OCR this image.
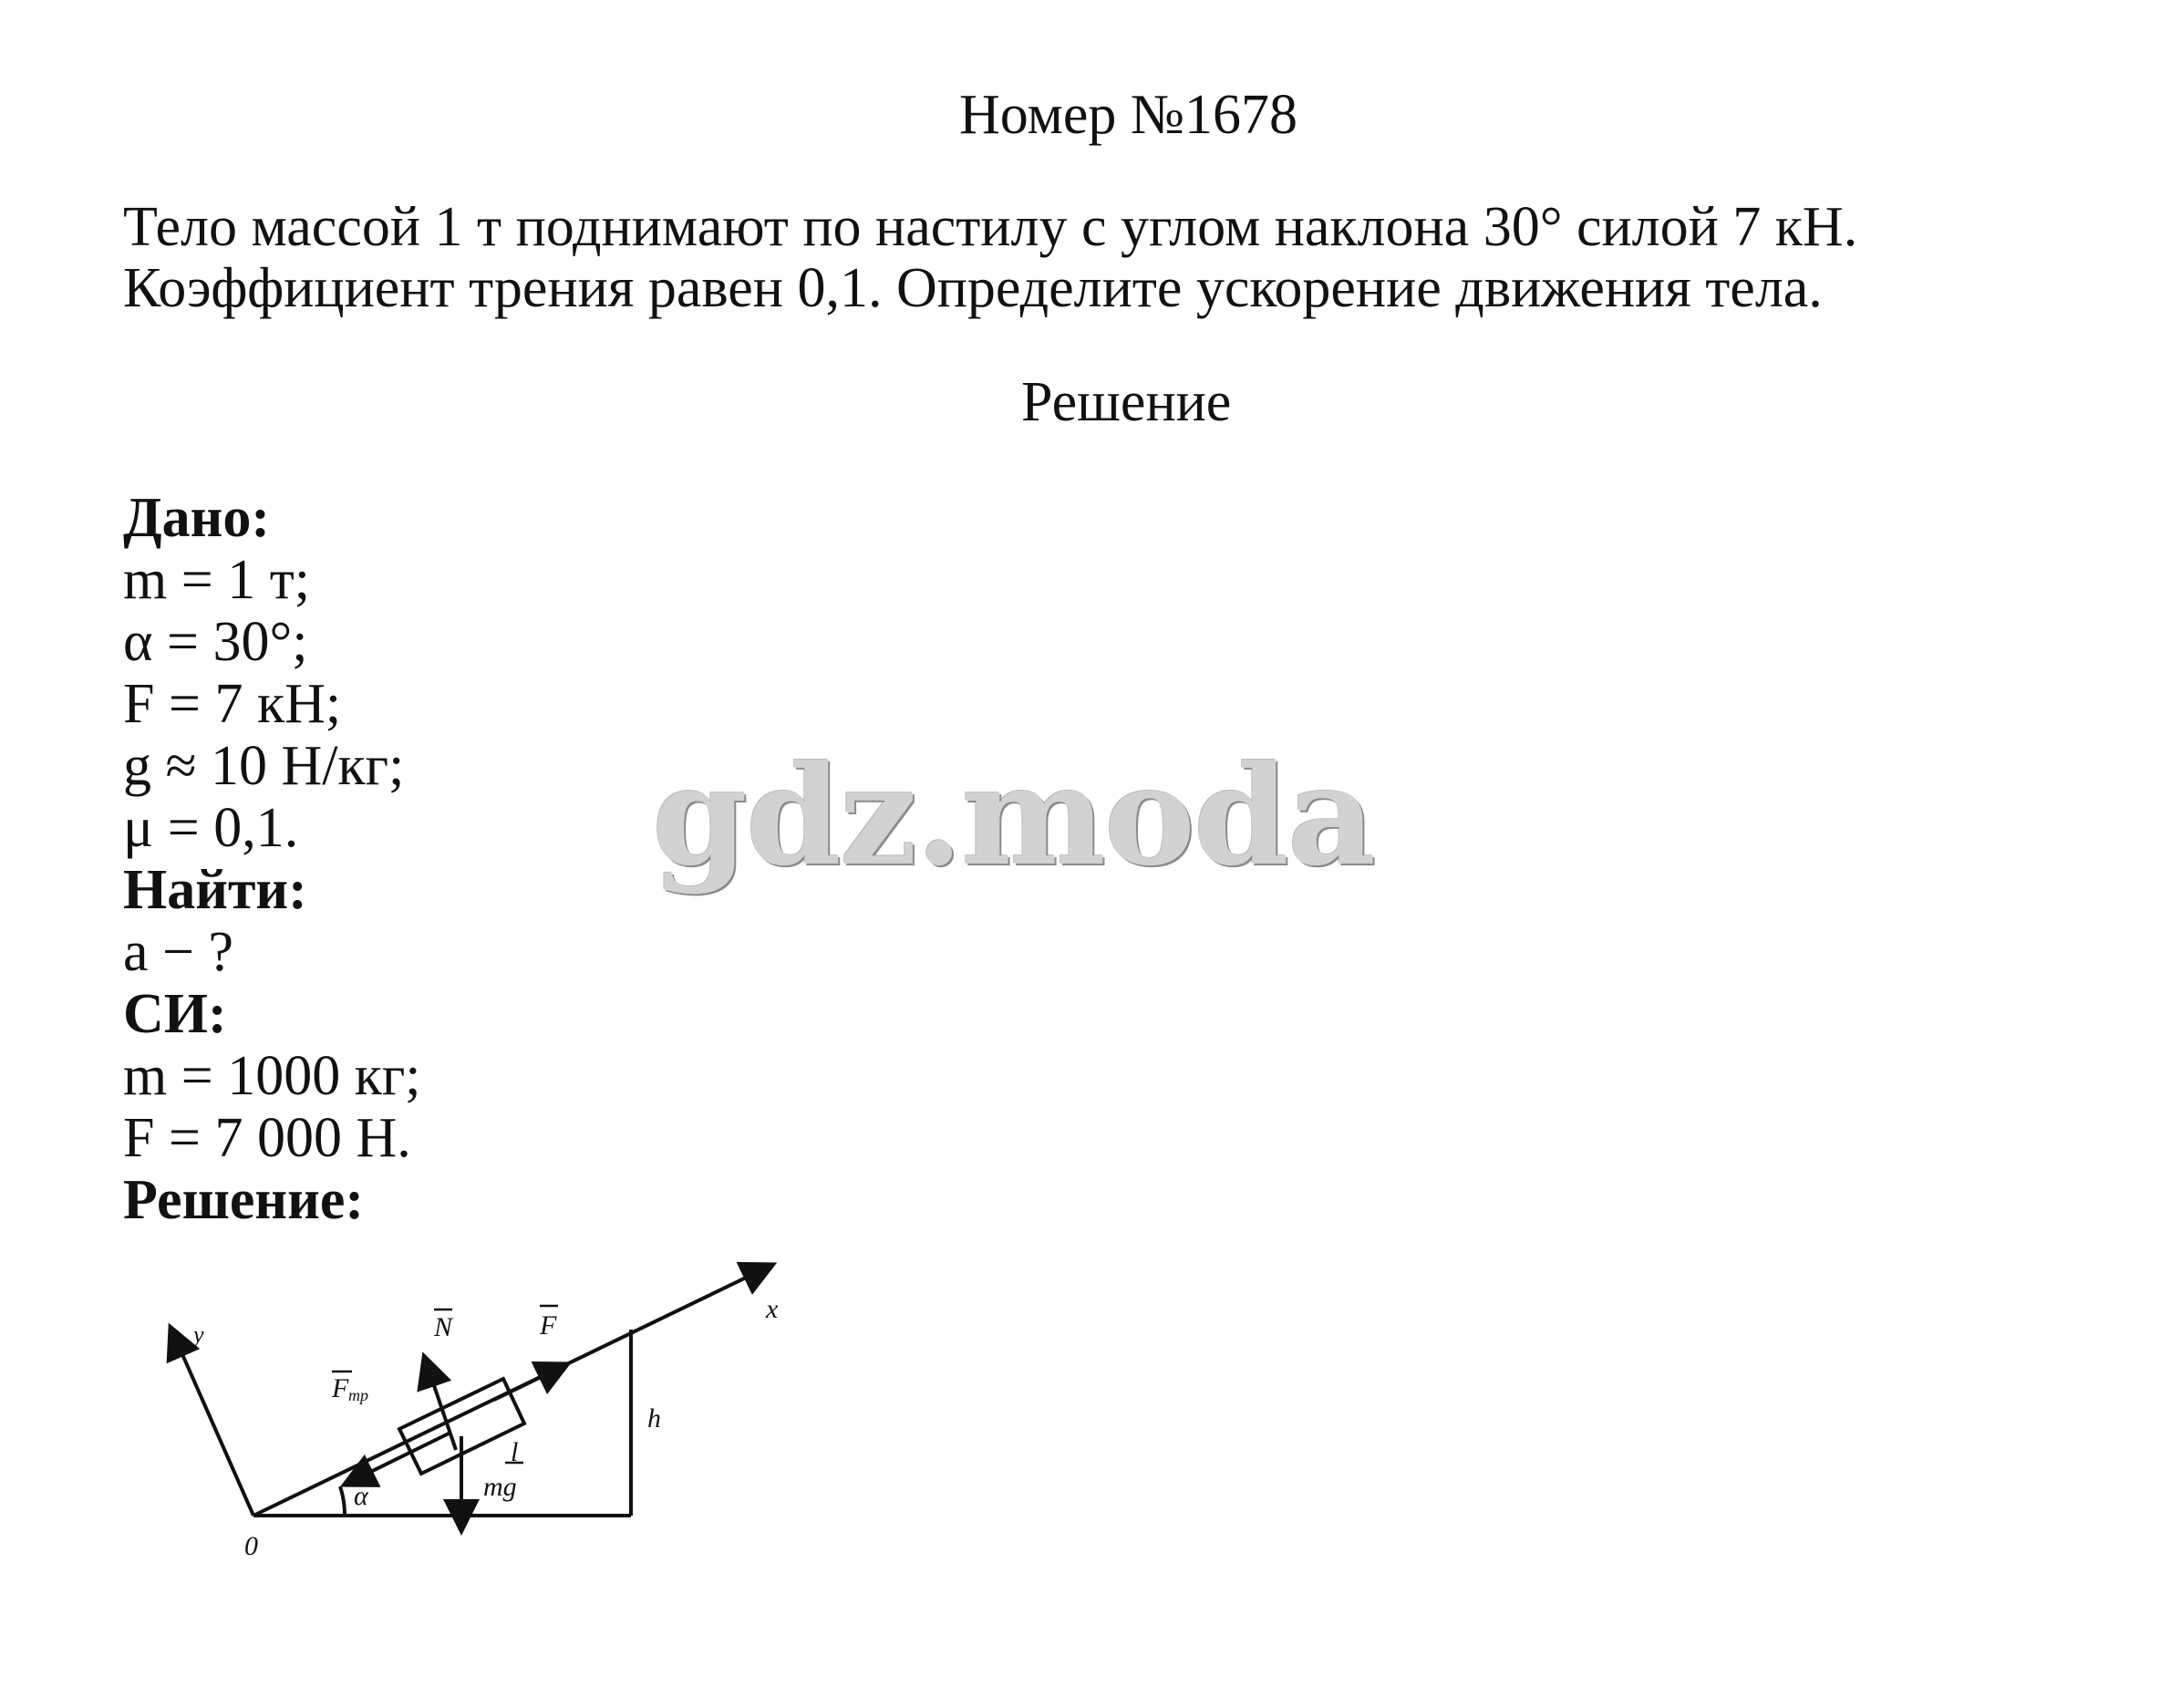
Номер №1678
Тело массой 1 т поднимают по настилу с углом наклона 30° силой 7 кН.
Коэффициент трения равен 0,1. Определите ускорение движения тела.
Решение
Дано:
m = 1 т;
α = 30°;
F = 7 кН;
g ≈ 10 Н/кг;
μ = 0,1.
Найти:
a − ?
СИ:
m = 1000 кг;
F = 7 000 Н.
Решение:
gdz.moda
x
y
0
N	F
F тр
mg
l
h
α
